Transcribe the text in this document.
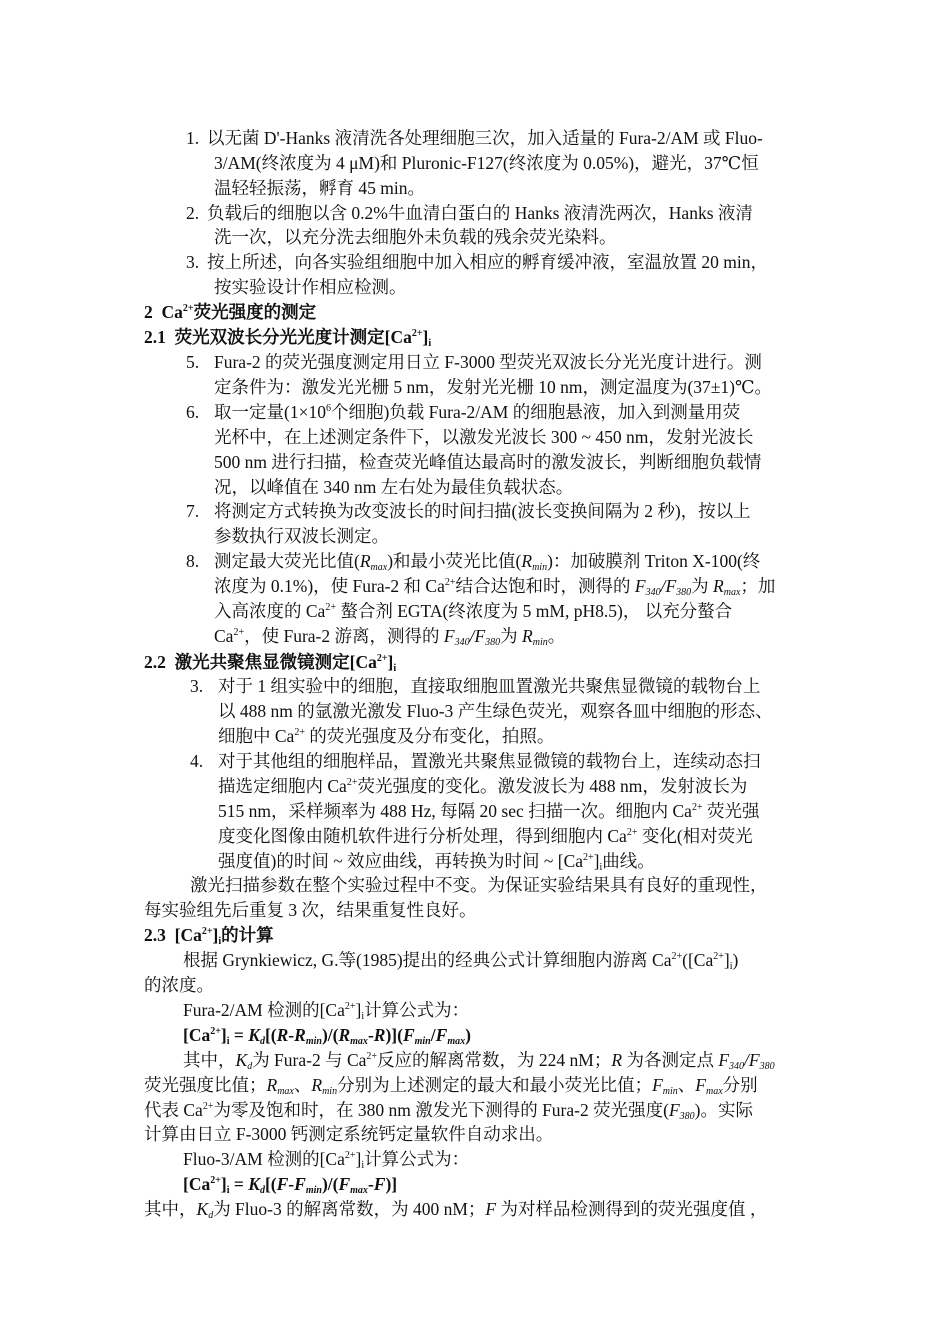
1. 以无菌 D'-Hanks 液清洗各处理细胞三次，加入适量的 Fura-2/AM 或 Fluo-
3/AM(终浓度为 4 μM)和 Pluronic-F127(终浓度为 0.05%)，避光，37℃恒
温轻轻振荡，孵育 45 min。
2. 负载后的细胞以含 0.2%牛血清白蛋白的 Hanks 液清洗两次，Hanks 液清
洗一次，以充分洗去细胞外未负载的残余荧光染料。
3. 按上所述，向各实验组细胞中加入相应的孵育缓冲液，室温放置 20 min，
按实验设计作相应检测。
2 $Ca^{2+}$荧光强度的测定
2.1 荧光双波长分光光度计测定$[Ca^{2+}]_i$
5. Fura-2 的荧光强度测定用日立 F-3000 型荧光双波长分光光度计进行。测
定条件为：激发光光栅 5 nm，发射光光栅 10 nm，测定温度为(37±1)℃。
6. 取一定量($1\times 10^6$个细胞)负载 Fura-2/AM 的细胞悬液，加入到测量用荧
光杯中，在上述测定条件下，以激发光波长 300 ~ 450 nm，发射光波长
500 nm 进行扫描，检查荧光峰值达最高时的激发波长，判断细胞负载情
况，以峰值在 340 nm 左右处为最佳负载状态。
7. 将测定方式转换为改变波长的时间扫描(波长变换间隔为 2 秒)，按以上
参数执行双波长测定。
8. 测定最大荧光比值$(R_{max})$和最小荧光比值$(R_{min})$：加破膜剂 Triton X-100(终
浓度为 0.1%)，使 Fura-2 和 $Ca^{2+}$结合达饱和时，测得的 $F_{340}/F_{380}$为 $R_{max}$；加
入高浓度的 $Ca^{2+}$ 螯合剂 EGTA(终浓度为 5 mM, pH8.5)， 以充分螯合
$Ca^{2+}$，使 Fura-2 游离，测得的 $F_{340}/F_{380}$为 $R_{min}$。
2.2 激光共聚焦显微镜测定$[Ca^{2+}]_i$
3. 对于 1 组实验中的细胞，直接取细胞皿置激光共聚焦显微镜的载物台上
以 488 nm 的氩激光激发 Fluo-3 产生绿色荧光，观察各皿中细胞的形态、
细胞中 $Ca^{2+}$ 的荧光强度及分布变化，拍照。
4. 对于其他组的细胞样品，置激光共聚焦显微镜的载物台上，连续动态扫
描选定细胞内 $Ca^{2+}$荧光强度的变化。激发波长为 488 nm，发射波长为
515 nm，采样频率为 488 Hz, 每隔 20 sec 扫描一次。细胞内 $Ca^{2+}$ 荧光强
度变化图像由随机软件进行分析处理，得到细胞内 $Ca^{2+}$ 变化(相对荧光
强度值)的时间 ~ 效应曲线，再转换为时间 ~ $[Ca^{2+}]_i$曲线。
激光扫描参数在整个实验过程中不变。为保证实验结果具有良好的重现性，
每实验组先后重复 3 次，结果重复性良好。
2.3 $[Ca^{2+}]_i$的计算
根据 Grynkiewicz, G.等(1985)提出的经典公式计算细胞内游离 $Ca^{2+}([Ca^{2+}]_i)$
的浓度。
Fura-2/AM 检测的$[Ca^{2+}]_i$计算公式为：
$[Ca^{2+}]_i = K_d[(R-R_{min})/(R_{max}-R)](F_{min}/F_{max})$
其中，$K_d$为 Fura-2 与 $Ca^{2+}$反应的解离常数，为 224 nM；R 为各测定点 $F_{340}/F_{380}$
荧光强度比值；$R_{max}$、$R_{min}$分别为上述测定的最大和最小荧光比值；$F_{min}$、$F_{max}$分别
代表 $Ca^{2+}$为零及饱和时，在 380 nm 激发光下测得的 Fura-2 荧光强度$(F_{380})$。实际
计算由日立 F-3000 钙测定系统钙定量软件自动求出。
Fluo-3/AM 检测的$[Ca^{2+}]_i$计算公式为：
$[Ca^{2+}]_i = K_d[(F-F_{min})/(F_{max}-F)]$
其中，$K_d$为 Fluo-3 的解离常数，为 400 nM；F 为对样品检测得到的荧光强度值 ，
